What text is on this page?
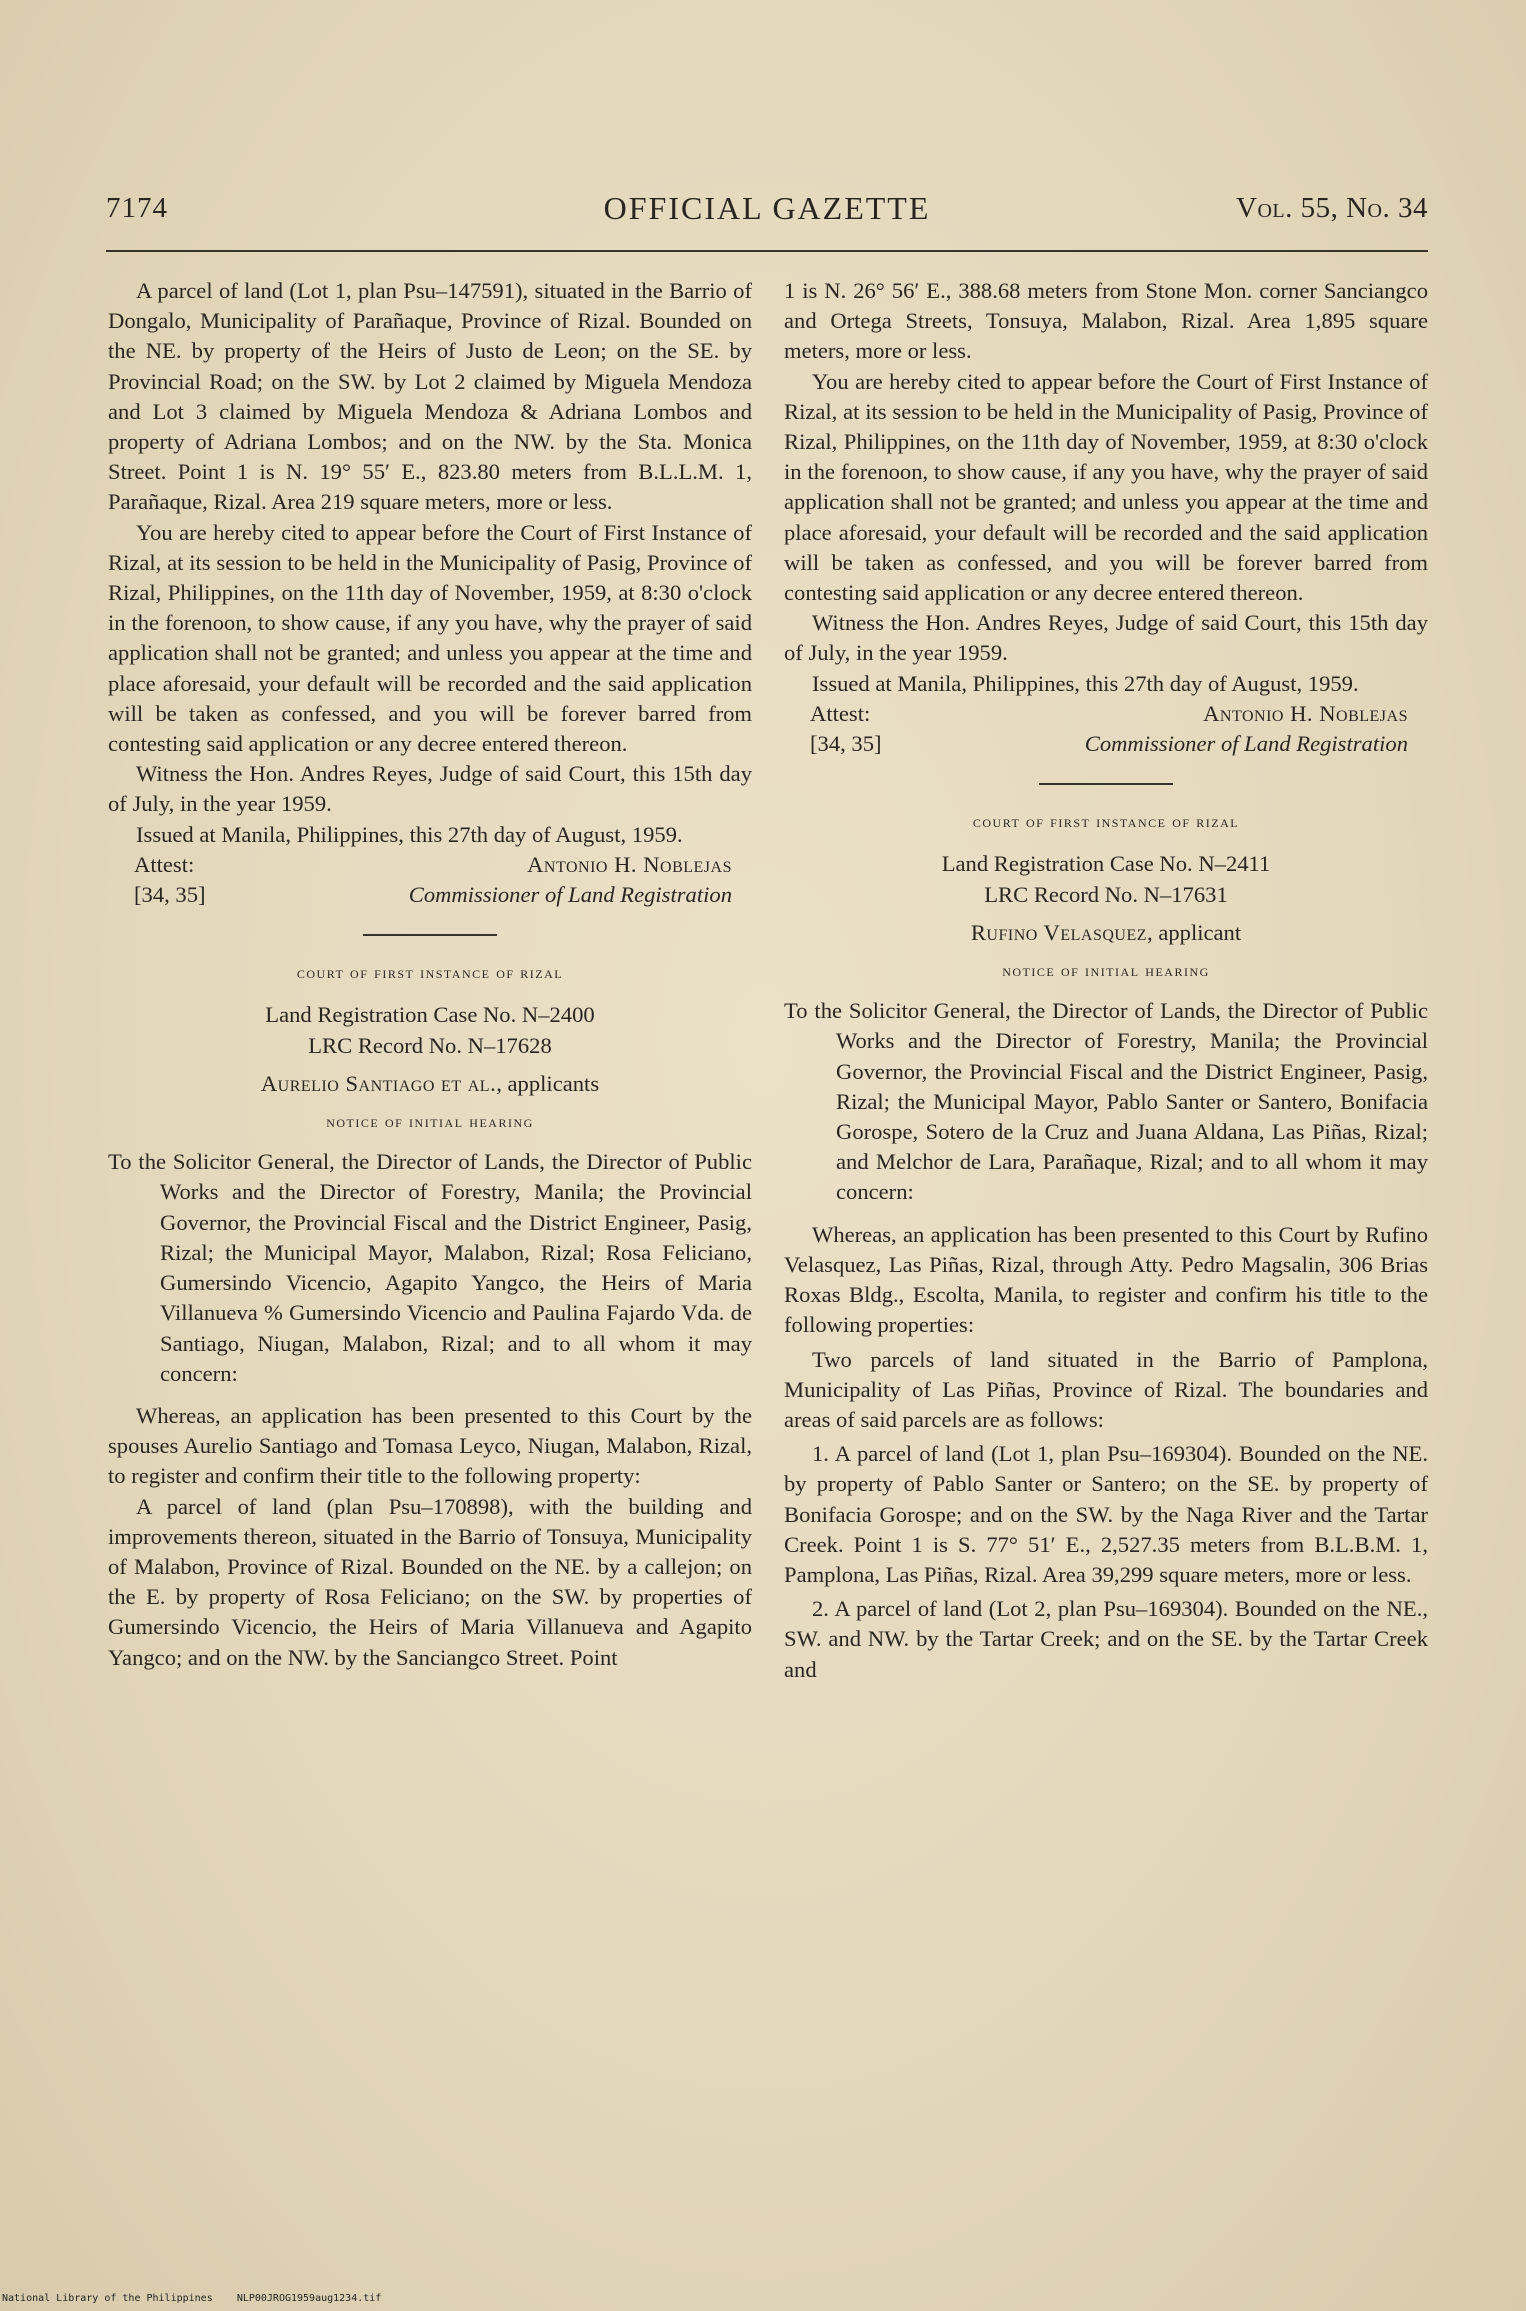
7174	OFFICIAL GAZETTE	Vol. 55, No. 34

A parcel of land (Lot 1, plan Psu–147591), situated in the Barrio of Dongalo, Municipality of Parañaque, Province of Rizal. Bounded on the NE. by property of the Heirs of Justo de Leon; on the SE. by Provincial Road; on the SW. by Lot 2 claimed by Miguela Mendoza and Lot 3 claimed by Miguela Mendoza & Adriana Lombos and property of Adriana Lombos; and on the NW. by the Sta. Monica Street. Point 1 is N. 19° 55′ E., 823.80 meters from B.L.L.M. 1, Parañaque, Rizal. Area 219 square meters, more or less.

You are hereby cited to appear before the Court of First Instance of Rizal, at its session to be held in the Municipality of Pasig, Province of Rizal, Philippines, on the 11th day of November, 1959, at 8:30 o'clock in the forenoon, to show cause, if any you have, why the prayer of said application shall not be granted; and unless you appear at the time and place aforesaid, your default will be recorded and the said application will be taken as confessed, and you will be forever barred from contesting said application or any decree entered thereon.

Witness the Hon. Andres Reyes, Judge of said Court, this 15th day of July, in the year 1959.

Issued at Manila, Philippines, this 27th day of August, 1959.

Attest:	Antonio H. Noblejas
[34, 35]	Commissioner of Land Registration
court of first instance of rizal
Land Registration Case No. N–2400
LRC Record No. N–17628
Aurelio Santiago et al., applicants
notice of initial hearing

To the Solicitor General, the Director of Lands, the Director of Public Works and the Director of Forestry, Manila; the Provincial Governor, the Provincial Fiscal and the District Engineer, Pasig, Rizal; the Municipal Mayor, Malabon, Rizal; Rosa Feliciano, Gumersindo Vicencio, Agapito Yangco, the Heirs of Maria Villanueva % Gumersindo Vicencio and Paulina Fajardo Vda. de Santiago, Niugan, Malabon, Rizal; and to all whom it may concern:

Whereas, an application has been presented to this Court by the spouses Aurelio Santiago and Tomasa Leyco, Niugan, Malabon, Rizal, to register and confirm their title to the following property:

A parcel of land (plan Psu–170898), with the building and improvements thereon, situated in the Barrio of Tonsuya, Municipality of Malabon, Province of Rizal. Bounded on the NE. by a callejon; on the E. by property of Rosa Feliciano; on the SW. by properties of Gumersindo Vicencio, the Heirs of Maria Villanueva and Agapito Yangco; and on the NW. by the Sanciangco Street. Point

1 is N. 26° 56′ E., 388.68 meters from Stone Mon. corner Sanciangco and Ortega Streets, Tonsuya, Malabon, Rizal. Area 1,895 square meters, more or less.

You are hereby cited to appear before the Court of First Instance of Rizal, at its session to be held in the Municipality of Pasig, Province of Rizal, Philippines, on the 11th day of November, 1959, at 8:30 o'clock in the forenoon, to show cause, if any you have, why the prayer of said application shall not be granted; and unless you appear at the time and place aforesaid, your default will be recorded and the said application will be taken as confessed, and you will be forever barred from contesting said application or any decree entered thereon.

Witness the Hon. Andres Reyes, Judge of said Court, this 15th day of July, in the year 1959.

Issued at Manila, Philippines, this 27th day of August, 1959.

Attest:	Antonio H. Noblejas
[34, 35]	Commissioner of Land Registration
court of first instance of rizal
Land Registration Case No. N–2411
LRC Record No. N–17631
Rufino Velasquez, applicant
notice of initial hearing

To the Solicitor General, the Director of Lands, the Director of Public Works and the Director of Forestry, Manila; the Provincial Governor, the Provincial Fiscal and the District Engineer, Pasig, Rizal; the Municipal Mayor, Pablo Santer or Santero, Bonifacia Gorospe, Sotero de la Cruz and Juana Aldana, Las Piñas, Rizal; and Melchor de Lara, Parañaque, Rizal; and to all whom it may concern:

Whereas, an application has been presented to this Court by Rufino Velasquez, Las Piñas, Rizal, through Atty. Pedro Magsalin, 306 Brias Roxas Bldg., Escolta, Manila, to register and confirm his title to the following properties:

Two parcels of land situated in the Barrio of Pamplona, Municipality of Las Piñas, Province of Rizal. The boundaries and areas of said parcels are as follows:

1. A parcel of land (Lot 1, plan Psu–169304). Bounded on the NE. by property of Pablo Santer or Santero; on the SE. by property of Bonifacia Gorospe; and on the SW. by the Naga River and the Tartar Creek. Point 1 is S. 77° 51′ E., 2,527.35 meters from B.L.B.M. 1, Pamplona, Las Piñas, Rizal. Area 39,299 square meters, more or less.

2. A parcel of land (Lot 2, plan Psu–169304). Bounded on the NE., SW. and NW. by the Tartar Creek; and on the SE. by the Tartar Creek and

National Library of the Philippines NLP00JROG1959aug1234.tif
